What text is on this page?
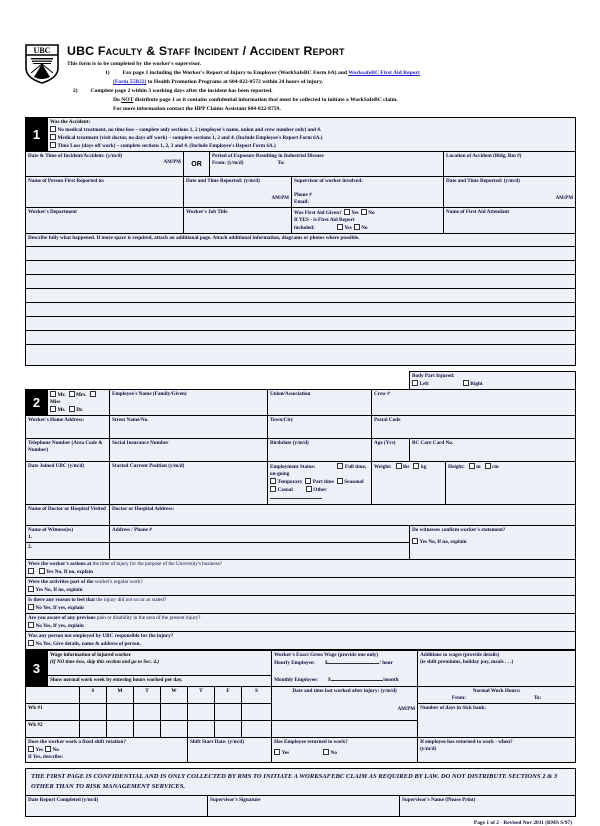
UBC UBC Faculty & Staff Incident / Accident Report
This form is to be completed by the worker's supervisor.
1) Fax page 1 including the Worker's Report of Injury to Employer (WorkSafeBC Form 6A) and WorksafeBC First Aid Report
(Form 55B22) to Health Promotion Programs at 604-822-0572 within 24 hours of injury.
2) Complete page 2 within 3 working days after the incident has been reported.
Do NOT distribute page 1 as it contains confidential information that must be collected to initiate a WorkSafeBC claim.
For more information contact the HPP Claims Assistant 604-822-8759.
1	Was the Accident:
No medical treatment, no time loss – complete only sections 1, 2 (employee's name, union and crew number only) and 4.
Medical treatment (visit doctor, no days off work) – complete sections 1, 2 and 4. (Include Employee's Report Form 6A.)
Time Loss (days off work) – complete sections 1, 2, 3 and 4. (Include Employee's Report Form 6A.)				

Date & Time of Incident/Accident: (y/m/d)
AM/PM		OR	Period of Exposure Resulting in Industrial Disease
From: (y/m/d) To:		Location of Accident (Bldg, Rm #)

Name of Person First Reported to:		Date and Time Reported: (y/m/d)
AM/PM		Supervisor of worker involved:
Phone #
Email:	Date and Time Reported: (y/m/d)
AM/PM

Worker's Department		Worker's Job Title		Was First Aid Given? Yes No
If YES - is First Aid Report
included: Yes No	Name of First Aid Attendant

Describe fully what happened. If more space is required, attach an additional page. Attach additional information, diagrams or photos where possible.					

					Body Part Injured:
Left Right	

2	Mr. Mrs.Miss
Ms. Dr.	Employee's Name (Family/Given)	Union/Association	Crew #		

Worker's Home Address:		Street Name/No.	Town/City	Postal Code		

Telephone Number (Area Code & Number)		Social Insurance Number	Birthdate (y/m/d)	Age (Yrs)	BC Care Card No.	

Date Joined UBC (y/m/d)		Started Current Position (y/m/d)	Employment Status: Full time, on-going
Temporary Part time Seasonal
Casual Other	Weight: lbs kg		Height: m cm

Name of Doctor or Hospital Visited		Doctor or Hospital Address:				

Name of Witness(es)
1.		Address / Phone #			Do witnesses confirm worker's statement?
Yes No, If no, explain	

2.						

Were the worker's actions at the time of injury for the purpose of the University's business?
Yes No, If no, explain						

Were the activities part of the worker's regular work?
Yes No, If no, explain						

Is there any reason to feel that the injury did not occur as stated?
No Yes, If yes, explain						

Are you aware of any previous pain or disability in the area of the present injury?
No Yes, If yes, explain						

Was any person not employed by UBC responsible for the injury?
No Yes, Give details, name & address of person.						
3	Wage information of injured worker
(If NO time loss, skip this section and go to Sec. 4.)								Worker's Exact Gross Wage (provide one only)
Hourly Employee: $ / hour
Monthly Employee: $ /month	Additions to wages (provide details)
(ie shift premiums, holiday pay, meals . . .)

	Show normal work week by entering hours worked per day.									

		S	M	T	W	T	F	S	Date and time last worked after injury: (y/m/d)
AM/PM	Normal Work Hours:
From: To:

Wk #1										Number of days in Sick bank:

Wk #2										

Does the worker work a fixed shift rotation?
Yes No
If Yes, describe:						Shift Start Date: (y/m/d)			Has Employee returned to work?
Yes No	If employee has returned to work - when?
(y/m/d)
THE FIRST PAGE IS CONFIDENTIAL AND IS ONLY COLLECTED BY RMS TO INITIATE A WORKSAFEBC CLAIM AS REQUIRED BY LAW. DO NOT DISTRIBUTE SECTIONS 2 & 3 OTHER THAN TO RISK MANAGEMENT SERVICES.

Date Report Completed (y/m/d)	Supervisor's Signature	Supervisor's Name (Please Print)
Page 1 of 2 - Revised Nov 2011 (RMS S/97)
